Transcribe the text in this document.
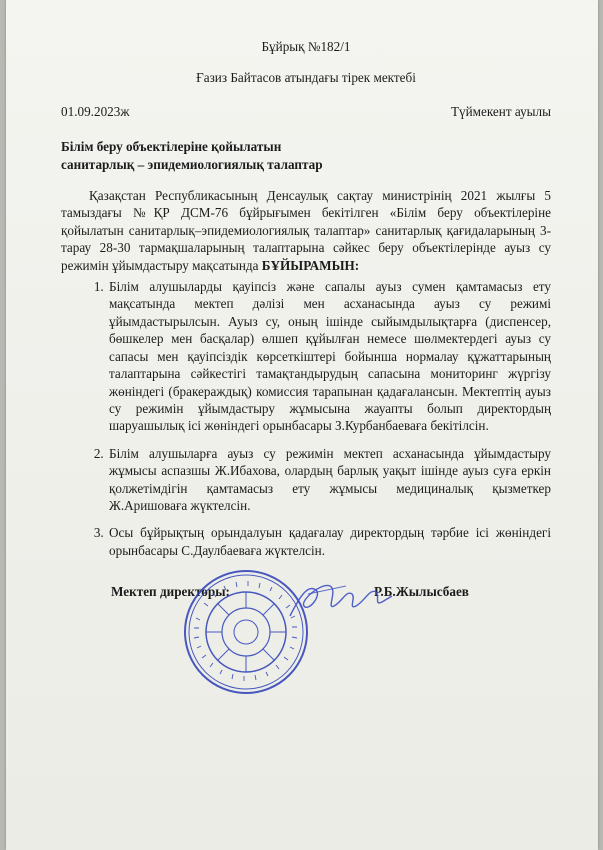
Бұйрық №182/1
Ғазиз Байтасов атындағы тірек мектебі
01.09.2023ж	Түймекент ауылы
Білім беру объектілеріне қойылатын
санитарлық – эпидемиологиялық талаптар
Қазақстан Республикасының Денсаулық сақтау министрінің 2021 жылғы 5 тамыздағы №ҚР ДСМ-76 бұйрығымен бекітілген «Білім беру объектілеріне қойылатын санитарлық–эпидемиологиялық талаптар» санитарлық қағидаларының 3-тарау 28-30 тармақшаларының талаптарына сәйкес беру объектілерінде ауыз су режимін ұйымдастыру мақсатында БҰЙЫРАМЫН:
1. Білім алушыларды қауіпсіз және сапалы ауыз сумен қамтамасыз ету мақсатында мектеп дәлізі мен асханасында ауыз су режимі ұйымдастырылсын. Ауыз су, оның ішінде сыйымдылықтарға (диспенсер, бөшкелер мен басқалар) өлшеп құйылған немесе шөлмектердегі ауыз су сапасы мен қауіпсіздік көрсеткіштері бойынша нормалау құжаттарының талаптарына сәйкестігі тамақтандырудың сапасына мониторинг жүргізу жөніндегі (бракераждық) комиссия тарапынан қадағалансын. Мектептің ауыз су режимін ұйымдастыру жұмысына жауапты болып директордың шаруашылық ісі жөніндегі орынбасары З.Курбанбаеваға бекітілсін.
2. Білім алушыларға ауыз су режимін мектеп асханасында ұйымдастыру жұмысы аспазшы Ж.Ибахова, олардың барлық уақыт ішінде ауыз суға еркін қолжетімдігін қамтамасыз ету жұмысы медициналық қызметкер Ж.Аришоваға жүктелсін.
3. Осы бұйрықтың орындалуын қадағалау директордың тәрбие ісі жөніндегі орынбасары С.Даулбаеваға жүктелсін.
Мектеп директоры:	Р.Б.Жылысбаев
